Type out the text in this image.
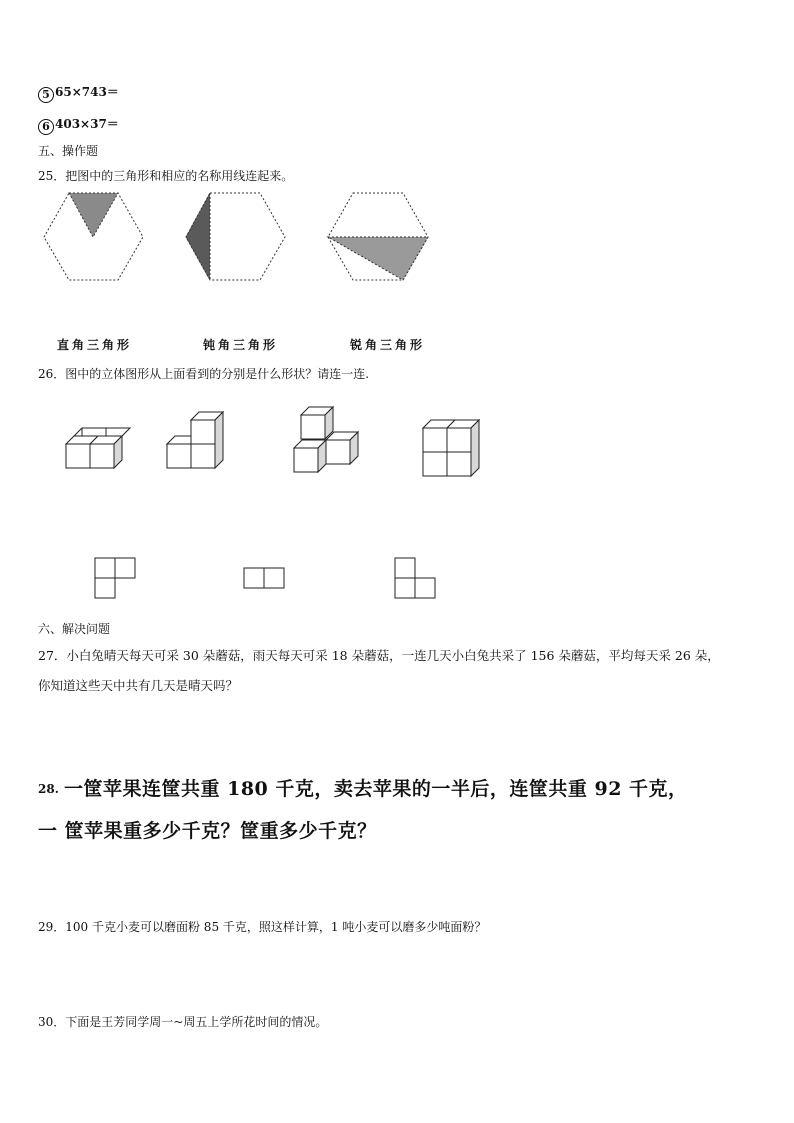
5 65×743＝
6 403×37＝
五、操作题
25．把图中的三角形和相应的名称用线连起来。
直角三角形	钝角三角形	锐角三角形
26．图中的立体图形从上面看到的分别是什么形状？请连一连.
六、解决问题
27．小白兔晴天每天可采 30 朵蘑菇，雨天每天可采 18 朵蘑菇，一连几天小白兔共采了 156 朵蘑菇，平均每天采 26 朵，
你知道这些天中共有几天是晴天吗？
28. 一筐苹果连筐共重 180 千克，卖去苹果的一半后，连筐共重 92 千克，
一 筐苹果重多少千克？筐重多少千克？
29．100 千克小麦可以磨面粉 85 千克，照这样计算，1 吨小麦可以磨多少吨面粉？
30．下面是王芳同学周一~周五上学所花时间的情况。
